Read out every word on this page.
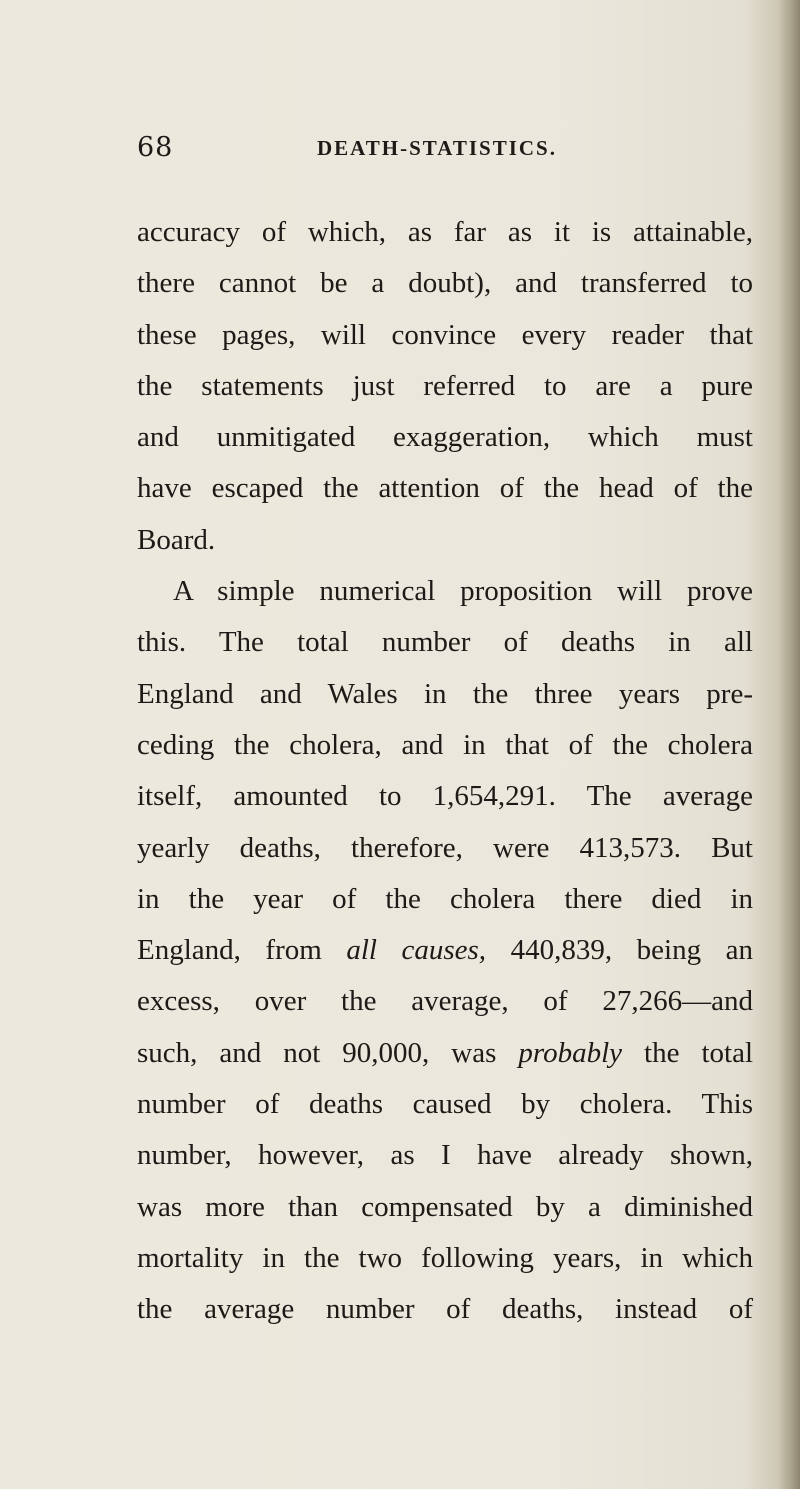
68	DEATH-STATISTICS.
accuracy of which, as far as it is attainable,
there cannot be a doubt), and transferred to
these pages, will convince every reader that
the statements just referred to are a pure
and unmitigated exaggeration, which must
have escaped the attention of the head of the
Board.
A simple numerical proposition will prove
this. The total number of deaths in all
England and Wales in the three years pre-
ceding the cholera, and in that of the cholera
itself, amounted to 1,654,291. The average
yearly deaths, therefore, were 413,573. But
in the year of the cholera there died in
England, from all causes, 440,839, being an
excess, over the average, of 27,266—and
such, and not 90,000, was probably the total
number of deaths caused by cholera. This
number, however, as I have already shown,
was more than compensated by a diminished
mortality in the two following years, in which
the average number of deaths, instead of
